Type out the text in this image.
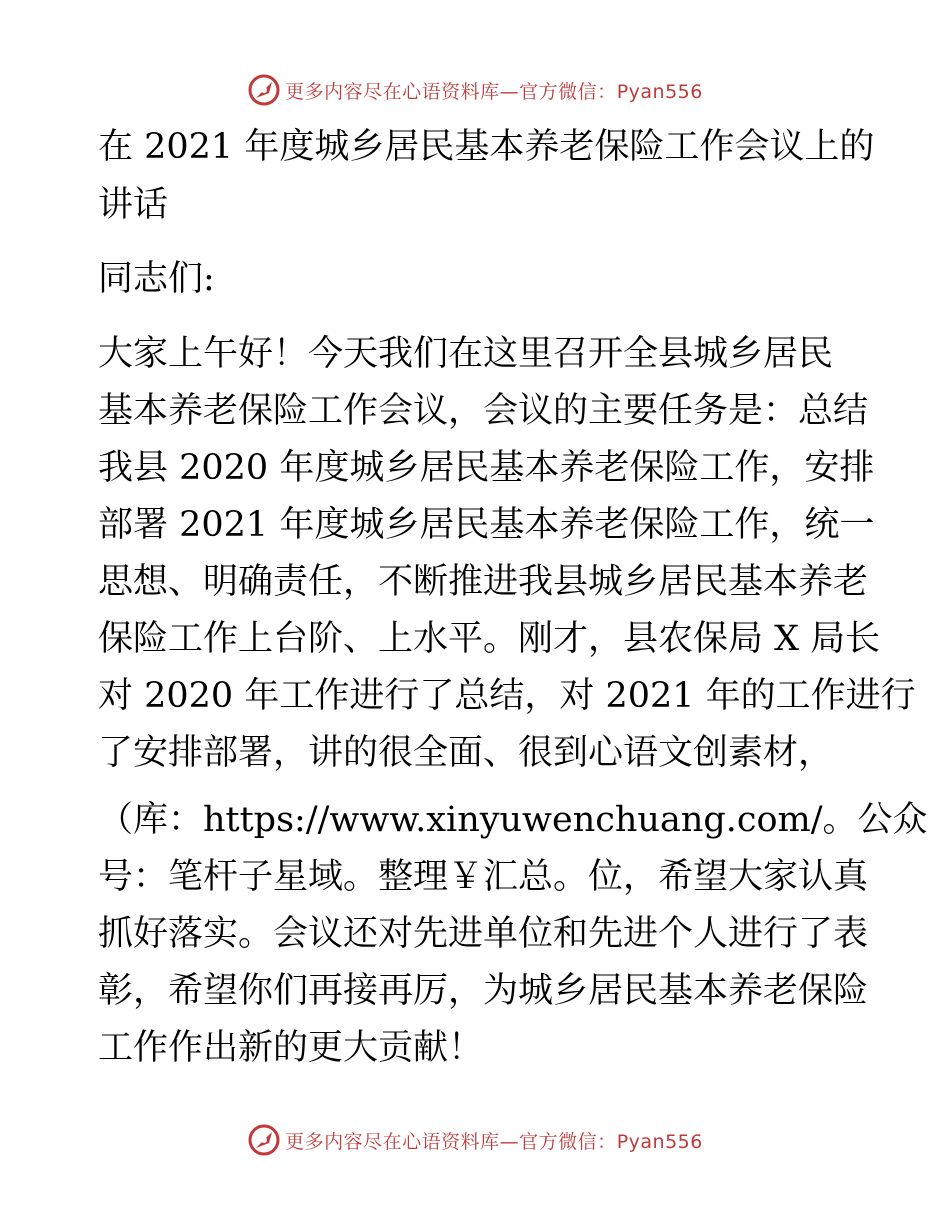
更多内容尽在心语资料库—官方微信：Pyan556
在 2021 年度城乡居民基本养老保险工作会议上的
讲话
同志们:
大家上午好！今天我们在这里召开全县城乡居民
基本养老保险工作会议，会议的主要任务是：总结
我县 2020 年度城乡居民基本养老保险工作，安排
部署 2021 年度城乡居民基本养老保险工作，统一
思想、明确责任，不断推进我县城乡居民基本养老
保险工作上台阶、上水平。刚才，县农保局 X 局长
对 2020 年工作进行了总结，对 2021 年的工作进行
了安排部署，讲的很全面、很到心语文创素材，
（库：https://www.xinyuwenchuang.com/。公众
号：笔杆子星域。整理￥汇总。位，希望大家认真
抓好落实。会议还对先进单位和先进个人进行了表
彰，希望你们再接再厉，为城乡居民基本养老保险
工作作出新的更大贡献！
更多内容尽在心语资料库—官方微信：Pyan556
